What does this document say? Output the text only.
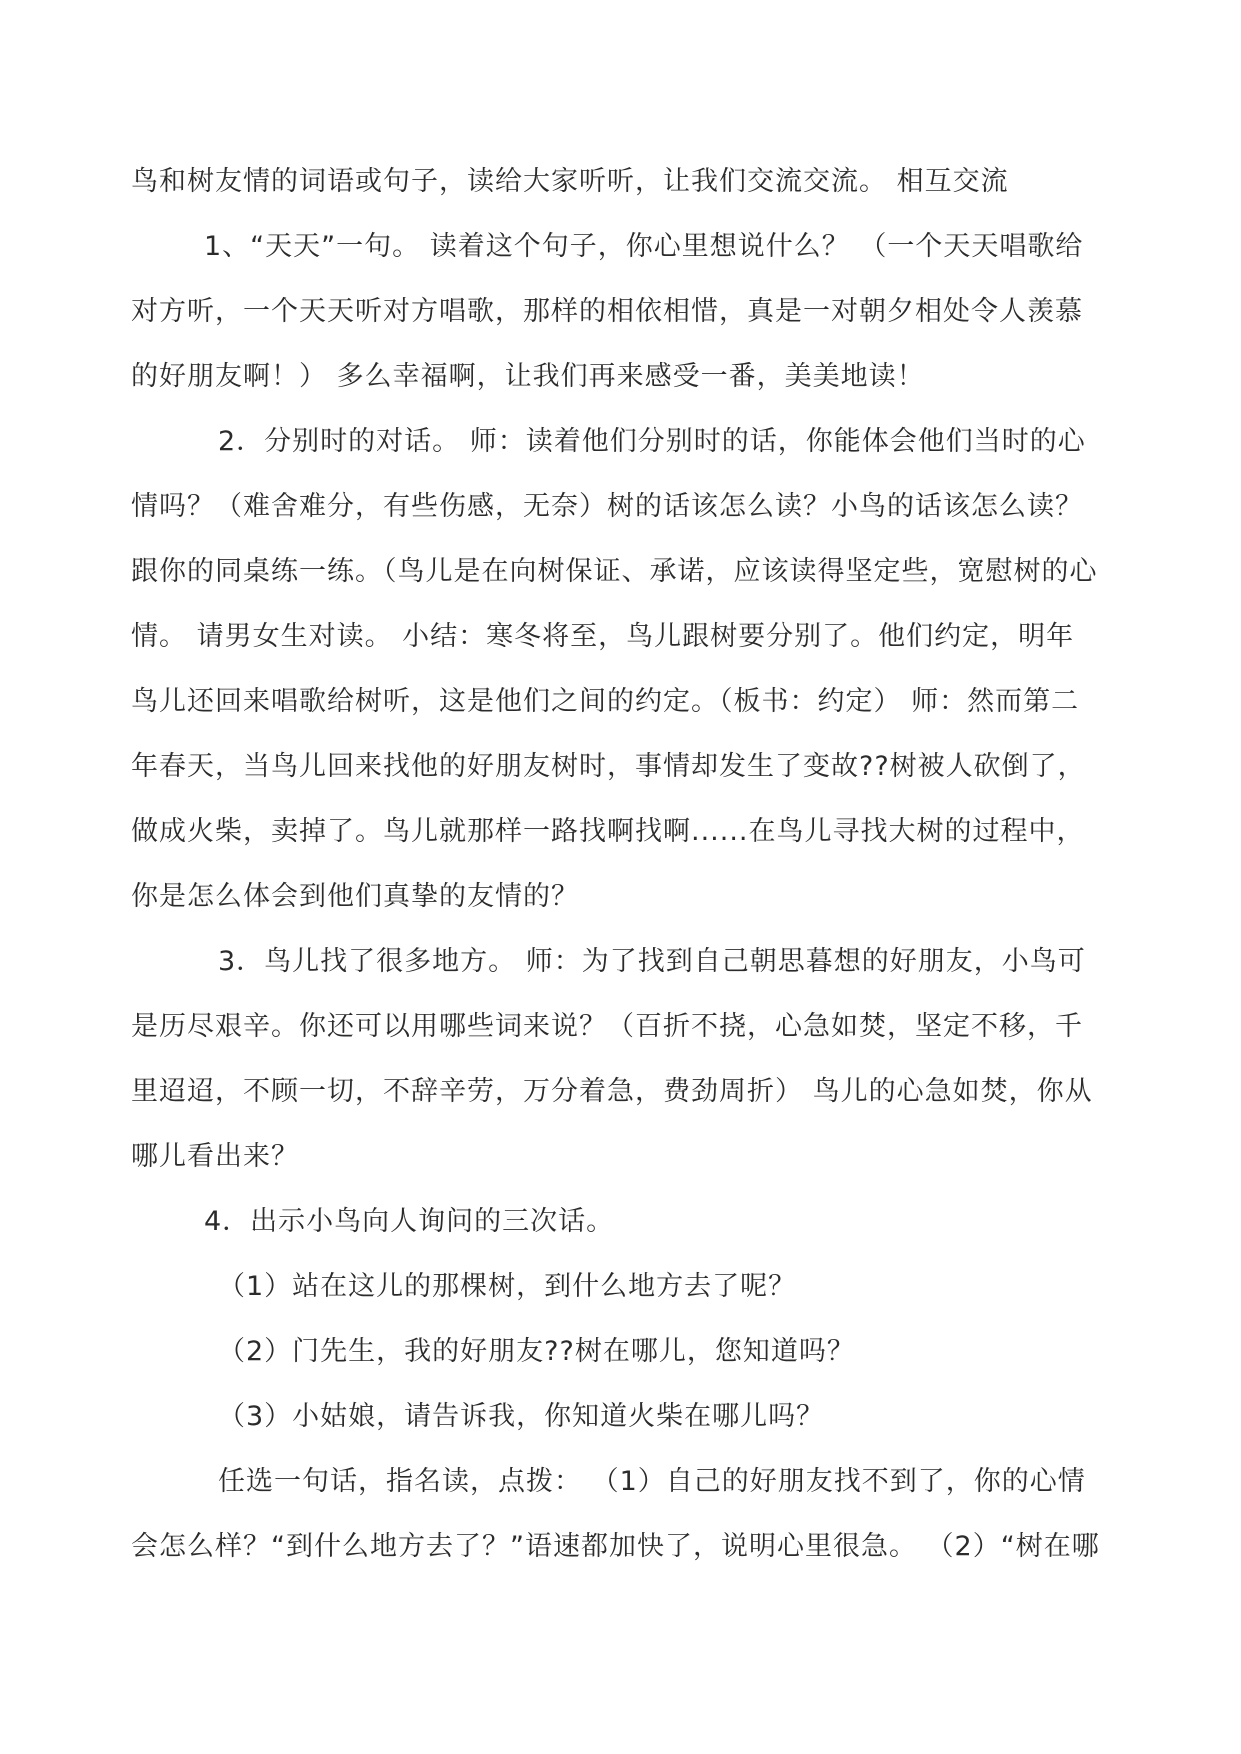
鸟和树友情的词语或句子，读给大家听听，让我们交流交流。 相互交流
1、“天天”一句。 读着这个句子，你心里想说什么？ （一个天天唱歌给
对方听，一个天天听对方唱歌，那样的相依相惜，真是一对朝夕相处令人羡慕
的好朋友啊！） 多么幸福啊，让我们再来感受一番，美美地读！
2．分别时的对话。 师：读着他们分别时的话，你能体会他们当时的心
情吗？（难舍难分，有些伤感，无奈）树的话该怎么读？小鸟的话该怎么读？
跟你的同桌练一练。（鸟儿是在向树保证、承诺，应该读得坚定些，宽慰树的心
情。 请男女生对读。 小结：寒冬将至，鸟儿跟树要分别了。他们约定，明年
鸟儿还回来唱歌给树听，这是他们之间的约定。（板书：约定） 师：然而第二
年春天，当鸟儿回来找他的好朋友树时，事情却发生了变故??树被人砍倒了，
做成火柴，卖掉了。鸟儿就那样一路找啊找啊......在鸟儿寻找大树的过程中，
你是怎么体会到他们真挚的友情的？
3．鸟儿找了很多地方。 师：为了找到自己朝思暮想的好朋友，小鸟可
是历尽艰辛。你还可以用哪些词来说？（百折不挠，心急如焚，坚定不移，千
里迢迢，不顾一切，不辞辛劳，万分着急，费劲周折） 鸟儿的心急如焚，你从
哪儿看出来？
4．出示小鸟向人询问的三次话。
（1）站在这儿的那棵树，到什么地方去了呢？
（2）门先生，我的好朋友??树在哪儿，您知道吗？
（3）小姑娘，请告诉我，你知道火柴在哪儿吗？
任选一句话，指名读，点拨： （1）自己的好朋友找不到了，你的心情
会怎么样？“到什么地方去了？”语速都加快了，说明心里很急。 （2）“树在哪
